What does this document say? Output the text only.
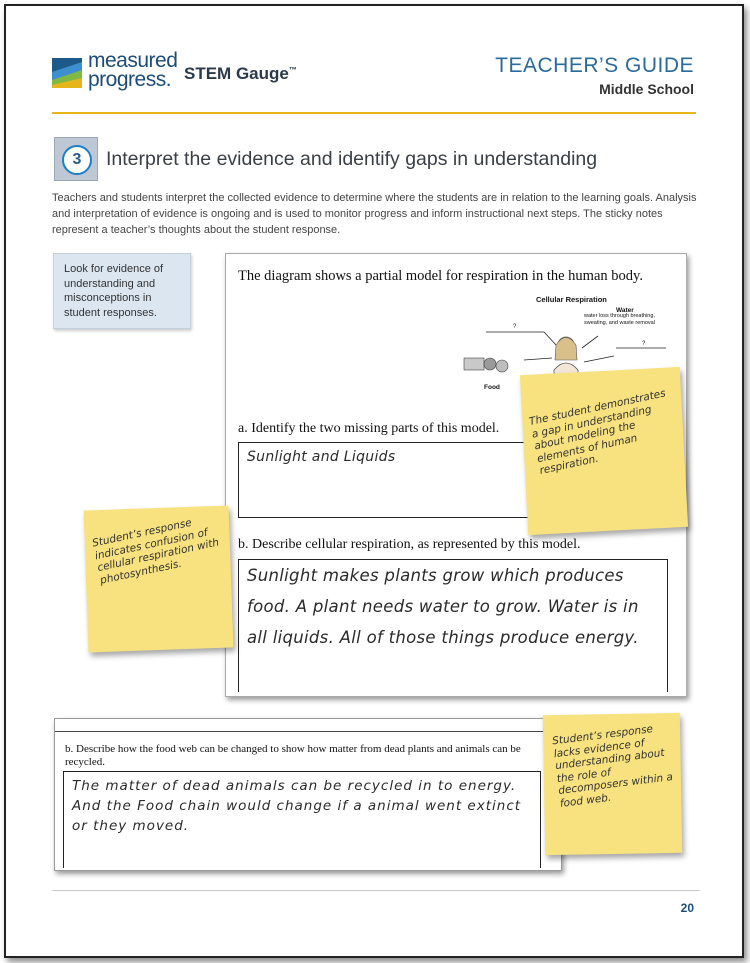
measured
progress. STEM Gauge™	TEACHER’S GUIDE
Middle School
3	Interpret the evidence and identify gaps in understanding
Teachers and students interpret the collected evidence to determine where the students are in relation to the learning goals. Analysis and interpretation of evidence is ongoing and is used to monitor progress and inform instructional next steps. The sticky notes represent a teacher’s thoughts about the student response.
Look for evidence of understanding and misconceptions in student responses.
The diagram shows a partial model for respiration in the human body.
Cellular Respiration
Water
water loss through breathing, sweating, and waste removal
?
?
Food
a. Identify the two missing parts of this model.
Sunlight and Liquids
b. Describe cellular respiration, as represented by this model.
Sunlight makes plants grow which produces food. A plant needs water to grow. Water is in all liquids. All of those things produce energy.
b. Describe how the food web can be changed to show how matter from dead plants and animals can be recycled.
The matter of dead animals can be recycled in to energy. And the Food chain would change if a animal went extinct or they moved.
The student demonstrates a gap in understanding about modeling the elements of human respiration.
Student’s response indicates confusion of cellular respiration with photosynthesis.
Student’s response lacks evidence of understanding about the role of decomposers within a food web.
20
